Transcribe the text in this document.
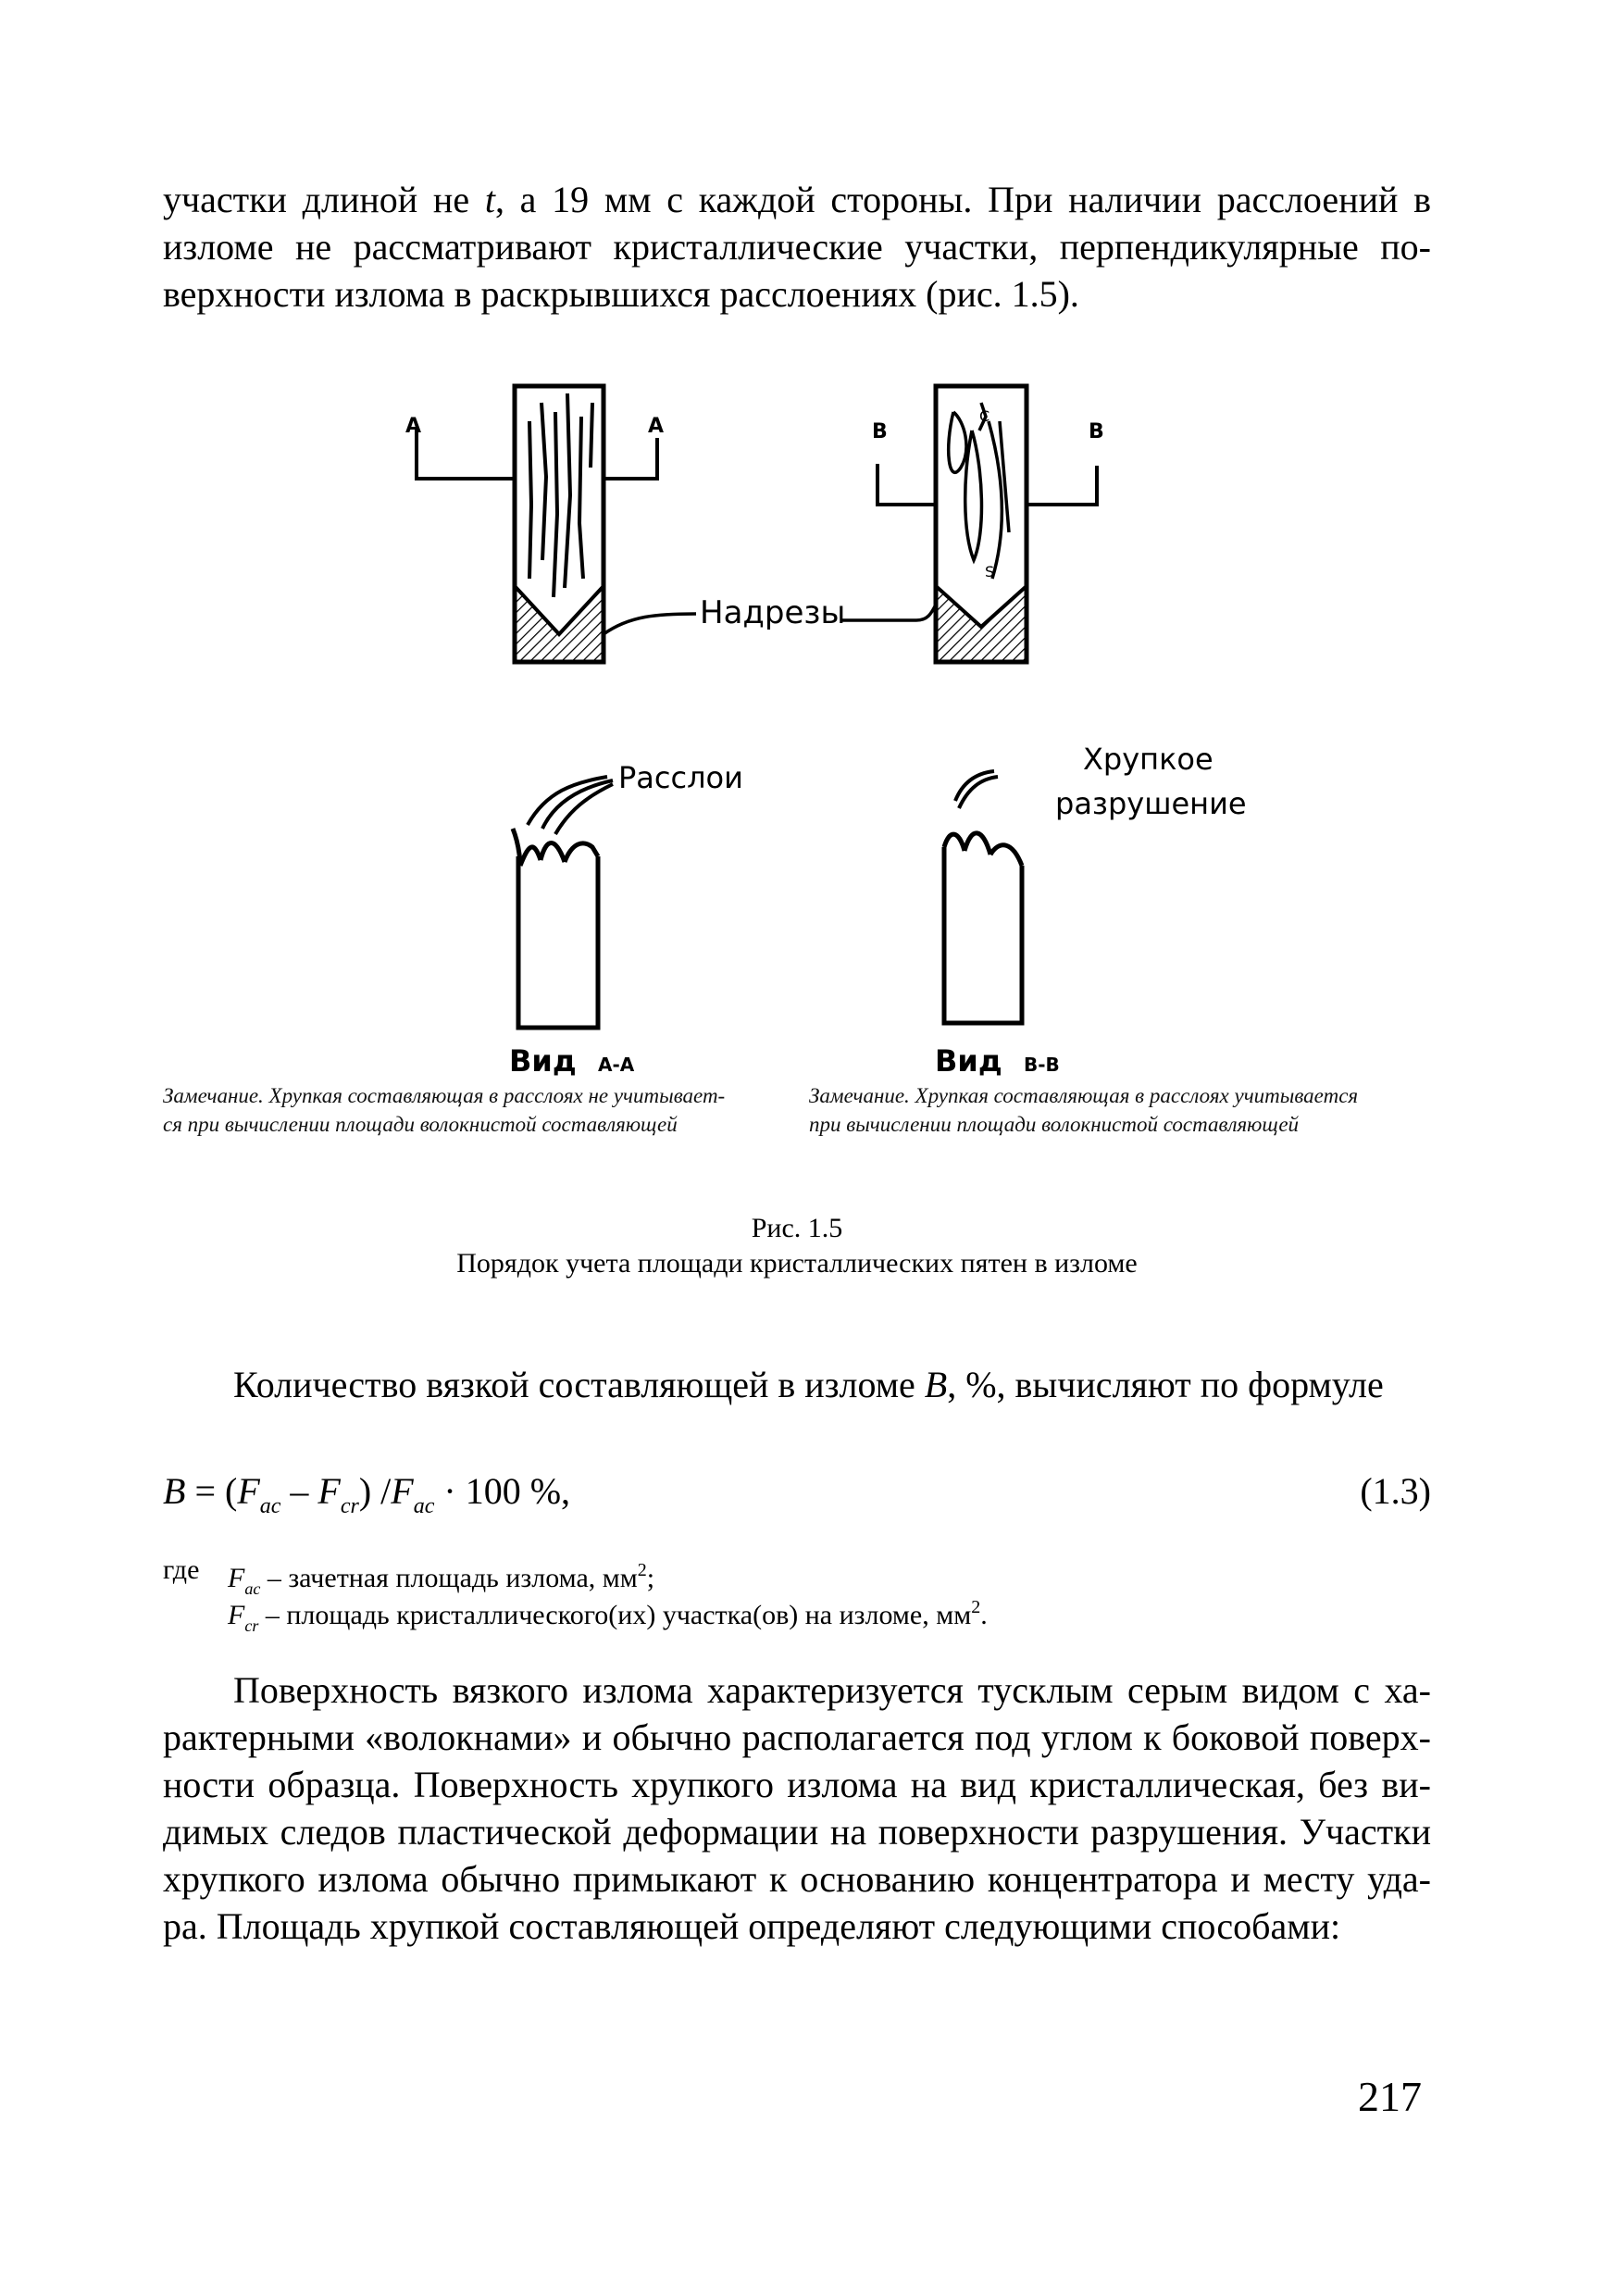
участки длиной не t, а 19 мм с каждой стороны. При наличии расслоений в
изломе не рассматривают кристаллические участки, перпендикулярные по-
верхности излома в раскрывшихся расслоениях (рис. 1.5).
А	А	C
S
В	В
Надрезы
Расслои
Хрупкое
разрушение
Вид А-А	Вид В-В
Замечание. Хрупкая составляющая в расслоях не учитывает-
ся при вычислении площади волокнистой составляющей
Замечание. Хрупкая составляющая в расслоях учитывается
при вычислении площади волокнистой составляющей
Рис. 1.5
Порядок учета площади кристаллических пятен в изломе
Количество вязкой составляющей в изломе B, %, вычисляют по формуле
$B = (F_{ac} - F_{cr}) /F_{ac} \cdot 100$ %,	(1.3)
где $F_{ac}$ – зачетная площадь излома, $мм^2$;
$F_{cr}$ – площадь кристаллического(их) участка(ов) на изломе, $мм^2$.
Поверхность вязкого излома характеризуется тусклым серым видом с ха-
рактерными «волокнами» и обычно располагается под углом к боковой поверх-
ности образца. Поверхность хрупкого излома на вид кристаллическая, без ви-
димых следов пластической деформации на поверхности разрушения. Участки
хрупкого излома обычно примыкают к основанию концентратора и месту уда-
ра. Площадь хрупкой составляющей определяют следующими способами:
217
